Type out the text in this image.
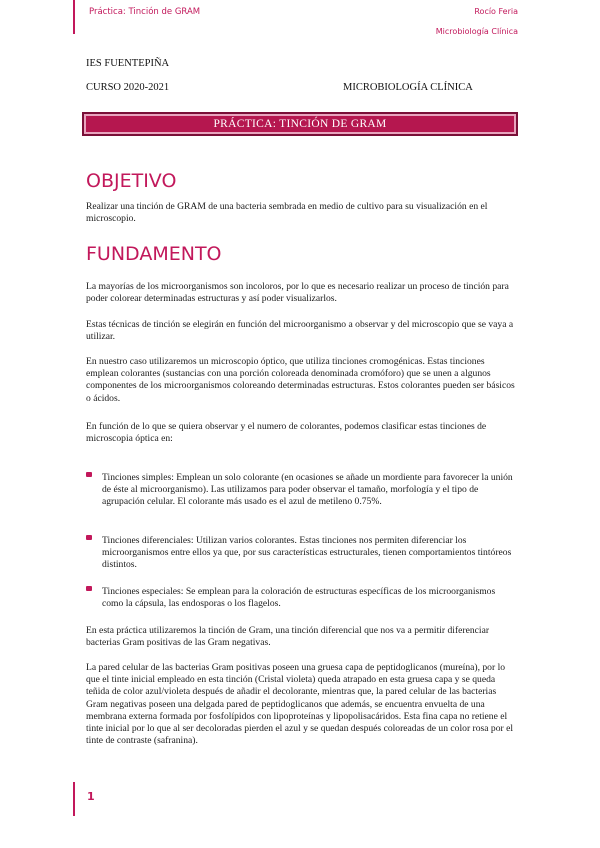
Práctica: Tinción de GRAM	Rocío Feria
Microbiología Clínica
IES FUENTEPIÑA
CURSO 2020-2021	MICROBIOLOGÍA CLÍNICA
PRÁCTICA: TINCIÓN DE GRAM
OBJETIVO

Realizar una tinción de GRAM de una bacteria sembrada en medio de cultivo para su visualización en el microscopio.

FUNDAMENTO

La mayorías de los microorganismos son incoloros, por lo que es necesario realizar un proceso de tinción para poder colorear determinadas estructuras y así poder visualizarlos.

Estas técnicas de tinción se elegirán en función del microorganismo a observar y del microscopio que se vaya a utilizar.

En nuestro caso utilizaremos un microscopio óptico, que utiliza tinciones cromogénicas. Estas tinciones emplean colorantes (sustancias con una porción coloreada denominada cromóforo) que se unen a algunos componentes de los microorganismos coloreando determinadas estructuras. Estos colorantes pueden ser básicos o ácidos.

En función de lo que se quiera observar y el numero de colorantes, podemos clasificar estas tinciones de microscopia óptica en:

Tinciones simples: Emplean un solo colorante (en ocasiones se añade un mordiente para favorecer la unión de éste al microorganismo). Las utilizamos para poder observar el tamaño, morfología y el tipo de agrupación celular. El colorante más usado es el azul de metileno 0.75%.

Tinciones diferenciales: Utilizan varios colorantes. Estas tinciones nos permiten diferenciar los microorganismos entre ellos ya que, por sus características estructurales, tienen comportamientos tintóreos distintos.

Tinciones especiales: Se emplean para la coloración de estructuras específicas de los microorganismos como la cápsula, las endosporas o los flagelos.

En esta práctica utilizaremos la tinción de Gram, una tinción diferencial que nos va a permitir diferenciar bacterias Gram positivas de las Gram negativas.

La pared celular de las bacterias Gram positivas poseen una gruesa capa de peptidoglicanos (mureína), por lo que el tinte inicial empleado en esta tinción (Cristal violeta) queda atrapado en esta gruesa capa y se queda teñida de color azul/violeta después de añadir el decolorante, mientras que, la pared celular de las bacterias Gram negativas poseen una delgada pared de peptidoglicanos que además, se encuentra envuelta de una membrana externa formada por fosfolípidos con lipoproteínas y lipopolisacáridos. Esta fina capa no retiene el tinte inicial por lo que al ser decoloradas pierden el azul y se quedan después coloreadas de un color rosa por el tinte de contraste (safranina).

1
